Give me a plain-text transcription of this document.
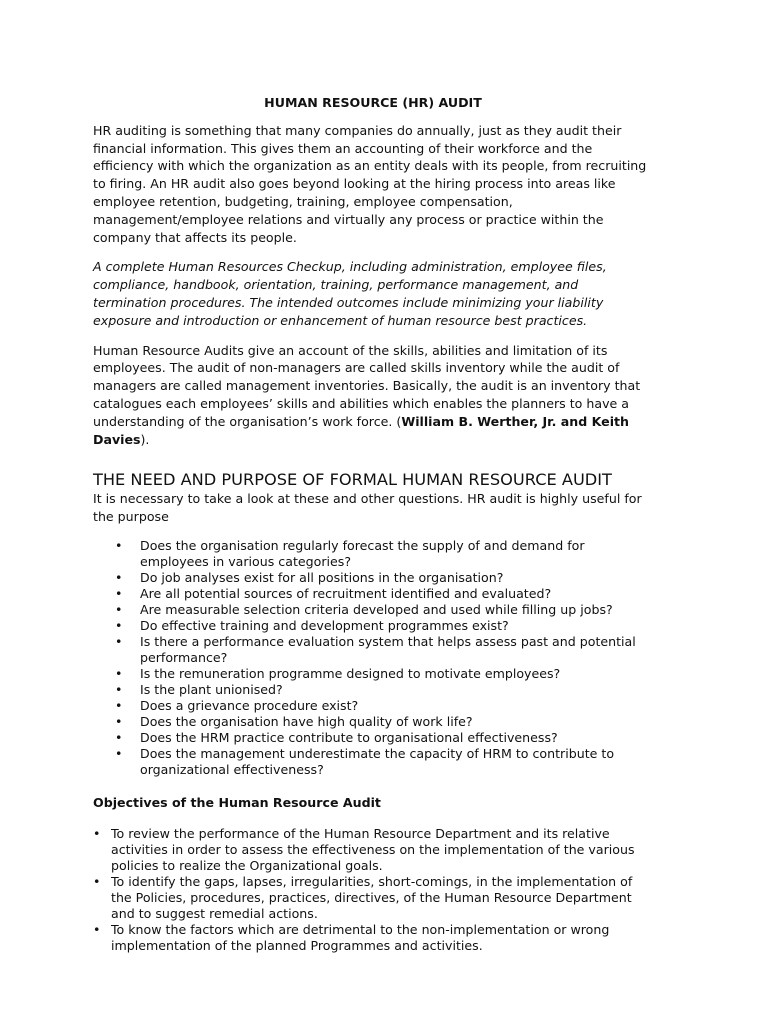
HUMAN RESOURCE (HR) AUDIT

HR auditing is something that many companies do annually, just as they audit their financial information. This gives them an accounting of their workforce and the efficiency with which the organization as an entity deals with its people, from recruiting to firing. An HR audit also goes beyond looking at the hiring process into areas like employee retention, budgeting, training, employee compensation, management/employee relations and virtually any process or practice within the company that affects its people.

A complete Human Resources Checkup, including administration, employee files, compliance, handbook, orientation, training, performance management, and termination procedures. The intended outcomes include minimizing your liability exposure and introduction or enhancement of human resource best practices.

Human Resource Audits give an account of the skills, abilities and limitation of its employees. The audit of non-managers are called skills inventory while the audit of managers are called management inventories. Basically, the audit is an inventory that catalogues each employees’ skills and abilities which enables the planners to have a understanding of the organisation’s work force. (William B. Werther, Jr. and Keith Davies).

THE NEED AND PURPOSE OF FORMAL HUMAN RESOURCE AUDIT
It is necessary to take a look at these and other questions. HR audit is highly useful for the purpose
• Does the organisation regularly forecast the supply of and demand for employees in various categories?
• Do job analyses exist for all positions in the organisation?
• Are all potential sources of recruitment identified and evaluated?
• Are measurable selection criteria developed and used while filling up jobs?
• Do effective training and development programmes exist?
• Is there a performance evaluation system that helps assess past and potential performance?
• Is the remuneration programme designed to motivate employees?
• Is the plant unionised?
• Does a grievance procedure exist?
• Does the organisation have high quality of work life?
• Does the HRM practice contribute to organisational effectiveness?
• Does the management underestimate the capacity of HRM to contribute to organizational effectiveness?
Objectives of the Human Resource Audit
• To review the performance of the Human Resource Department and its relative activities in order to assess the effectiveness on the implementation of the various policies to realize the Organizational goals.
• To identify the gaps, lapses, irregularities, short-comings, in the implementation of the Policies, procedures, practices, directives, of the Human Resource Department and to suggest remedial actions.
• To know the factors which are detrimental to the non-implementation or wrong implementation of the planned Programmes and activities.
